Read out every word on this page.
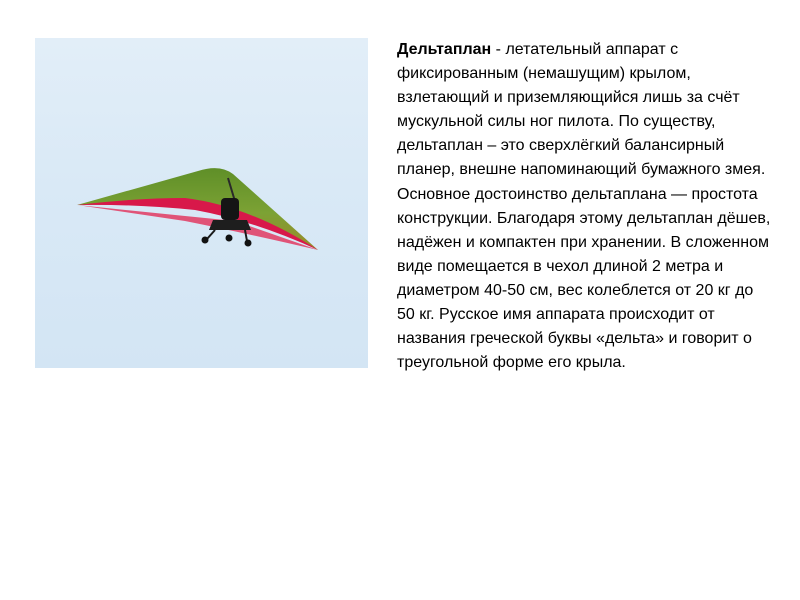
Дельтаплан - летательный аппарат с фиксированным (немашущим) крылом, взлетающий и приземляющийся лишь за счёт мускульной силы ног пилота. По существу, дельтаплан – это сверхлёгкий балансирный планер, внешне напоминающий бумажного змея. Основное достоинство дельтаплана — простота конструкции. Благодаря этому дельтаплан дёшев, надёжен и компактен при хранении. В сложенном виде помещается в чехол длиной 2 метра и диаметром 40-50 см, вес колеблется от 20 кг до 50 кг. Русское имя аппарата происходит от названия греческой буквы «дельта» и говорит о треугольной форме его крыла.
